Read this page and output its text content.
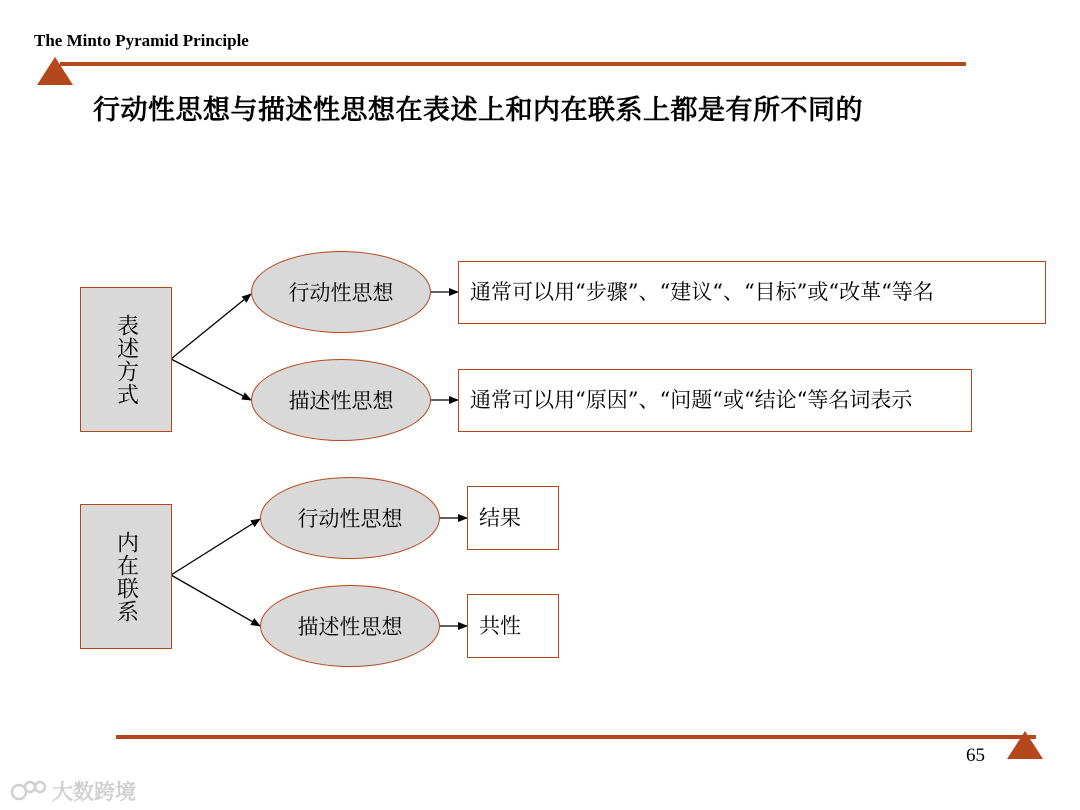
The Minto Pyramid Principle
行动性思想与描述性思想在表述上和内在联系上都是有所不同的
表述方式
行动性思想
描述性思想
通常可以用“步骤”、“建议“、“目标”或“改革“等名
通常可以用“原因”、“问题“或“结论“等名词表示
内在联系
行动性思想
描述性思想
结果
共性
65
大数跨境
